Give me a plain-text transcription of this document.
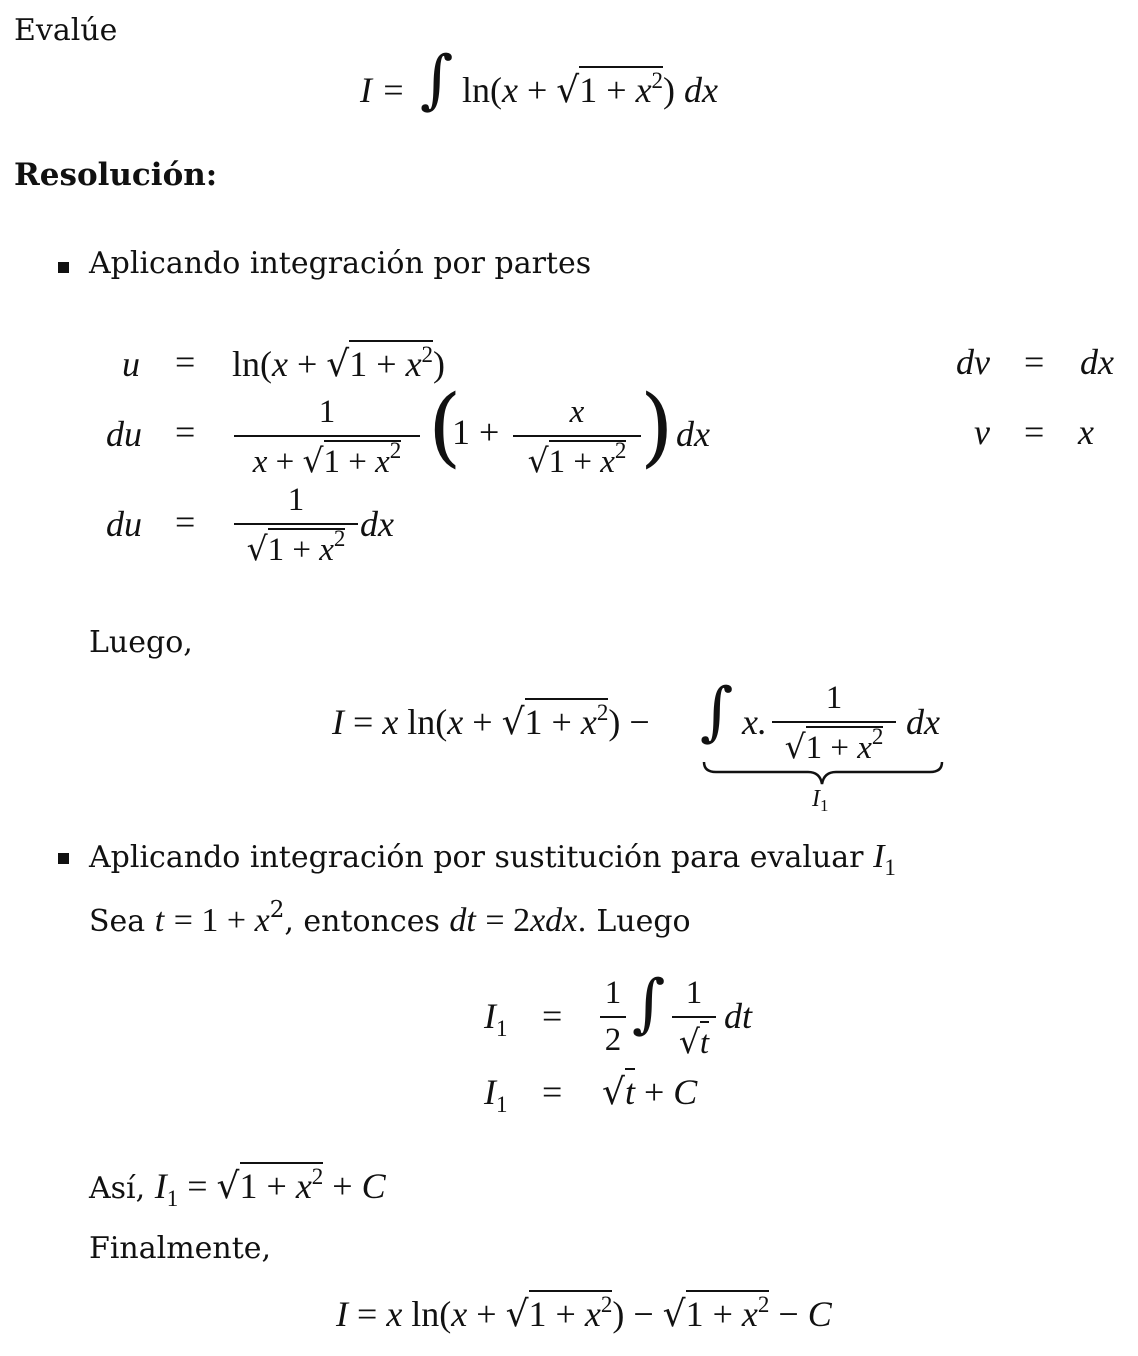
Evalúe
I = ∫ $\ln(x + √1 + x^2)$ dx
Resolución:
Aplicando integración por partes
$u = \ln(x + √1 + x^2)$	dv = dx
v = x
du =	1
$x + √1 + x^2$ (
1 +	x
$√1 + x^2$ ) dx
du =
1
$√1 + x^2$ dx
Luego,
I = x $\ln(x + √1 + x^2)$ − ∫ x.
1
$√1 + x^2$ dx
$I_1$
Aplicando integración por sustitución para evaluar $I_1$
Sea $t = 1 + x^2$, entonces dt = 2xdx. Luego
$I_1$ =
1
2 ∫ 1
√t
dt
$I_1 = √t + C$
Así, $I_1 = √1 + x^2 + C$
Finalmente,
I = x $\ln(x + √1 + x^2) - √1 + x^2 - C$
